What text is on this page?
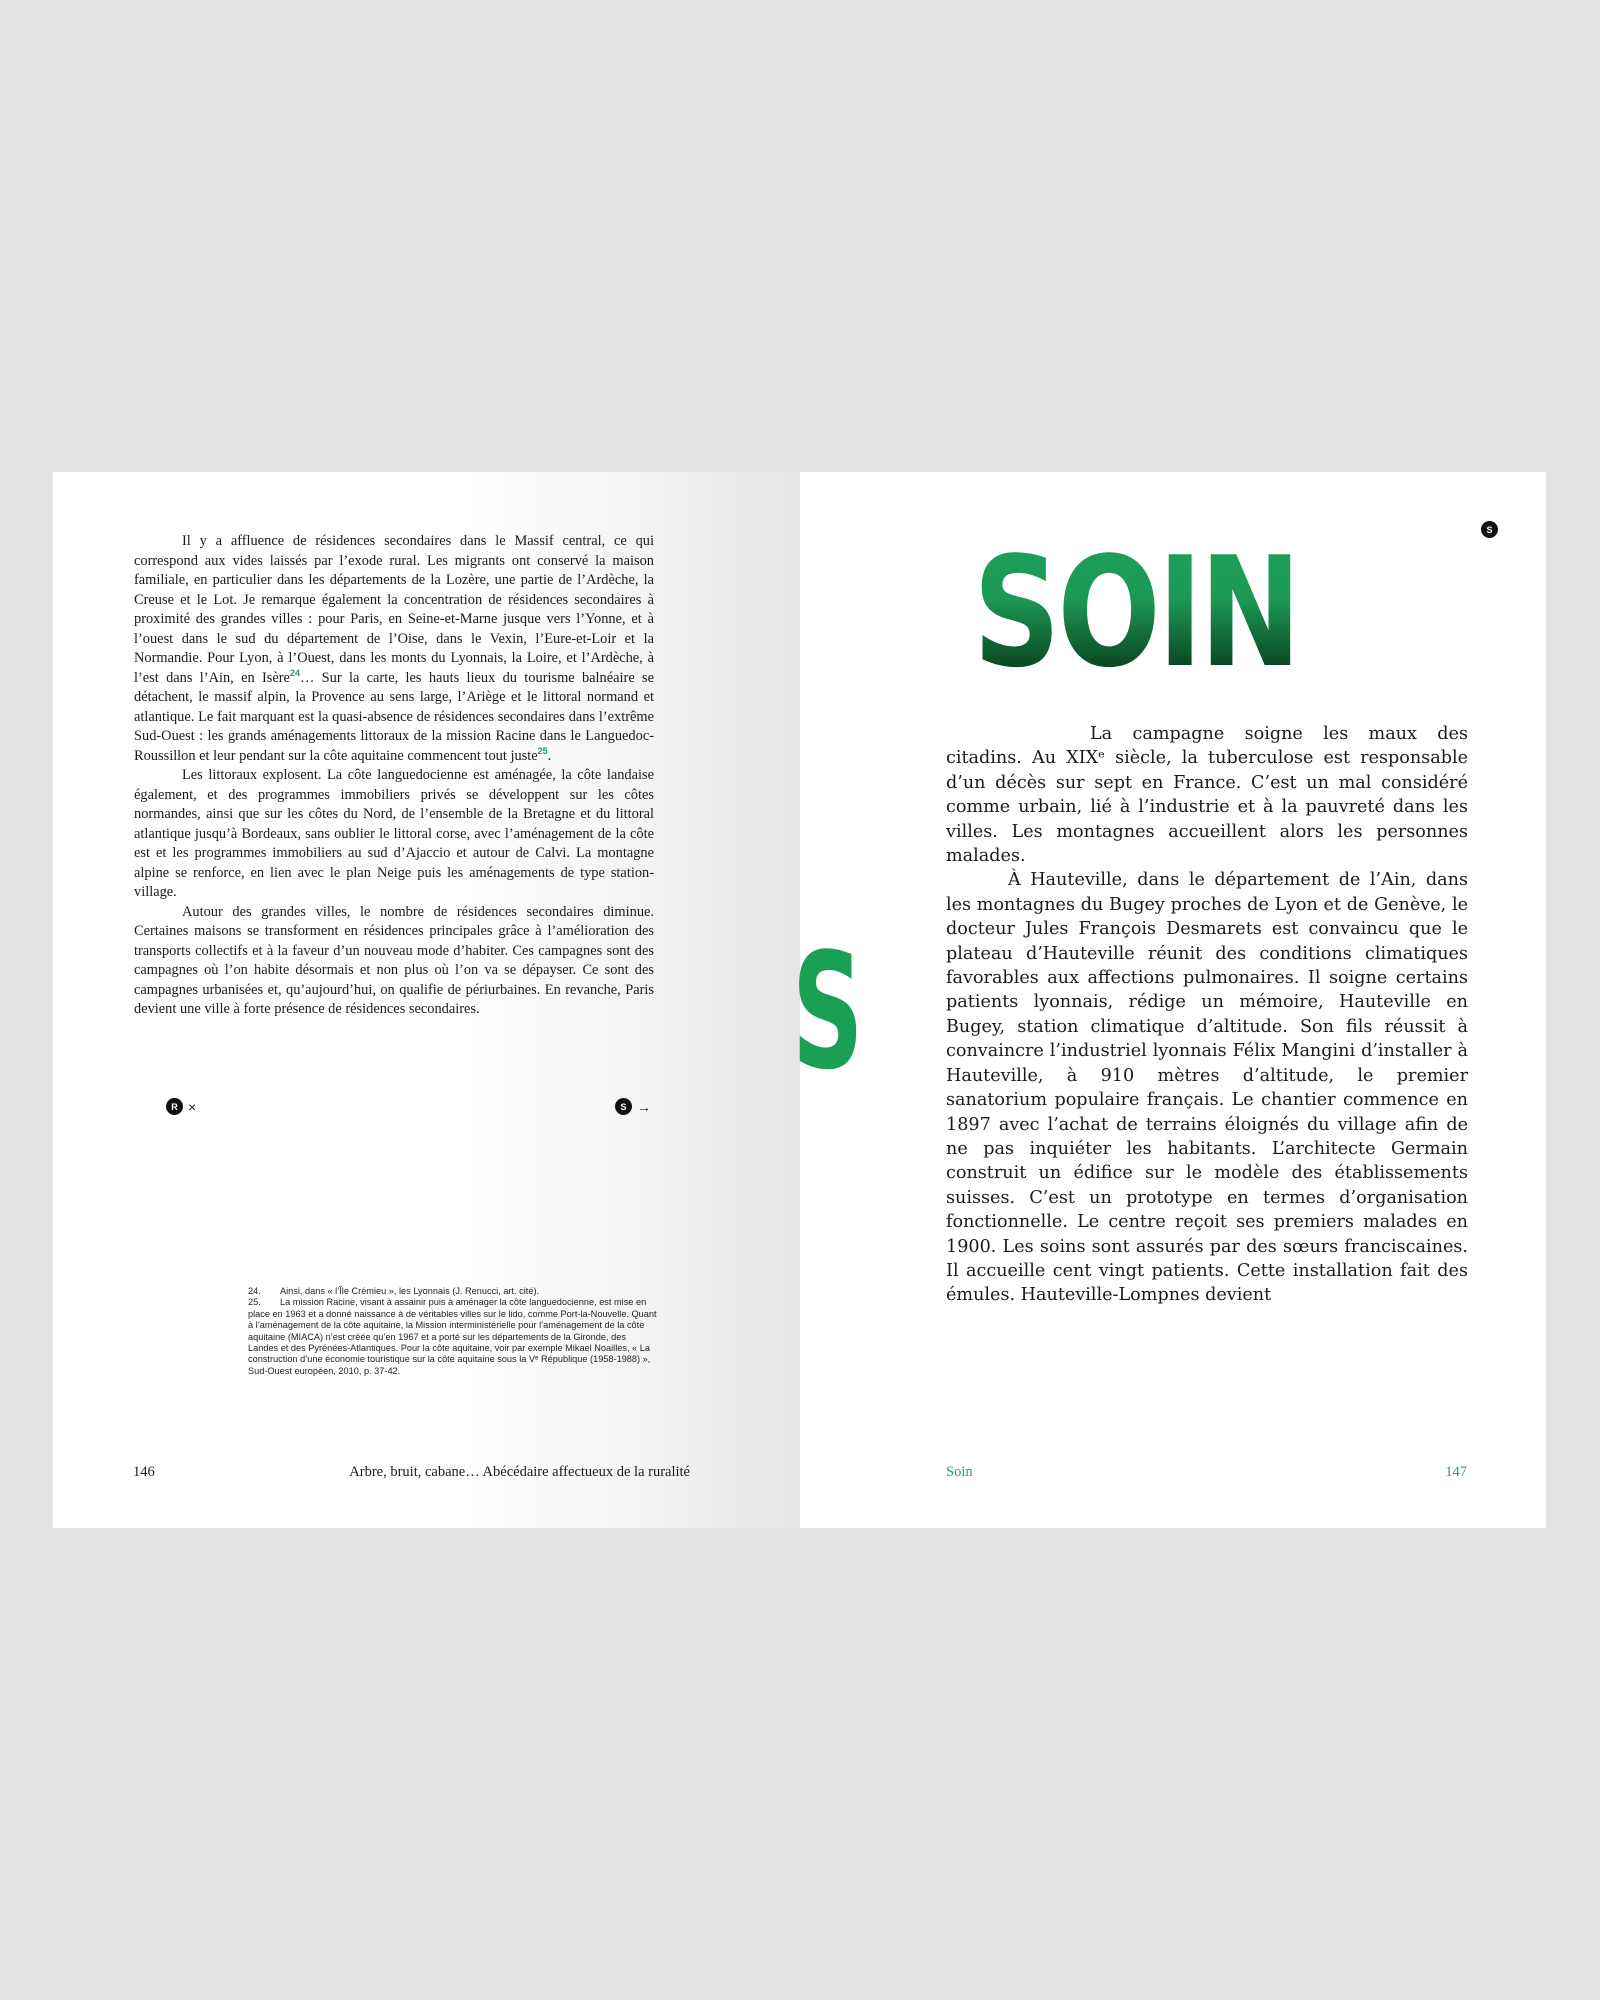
Il y a affluence de résidences secondaires dans le Massif central, ce qui correspond aux vides laissés par l’exode rural. Les migrants ont conservé la maison familiale, en particulier dans les départements de la Lozère, une partie de l’Ardèche, la Creuse et le Lot. Je remarque également la concentration de résidences secondaires à proximité des grandes villes : pour Paris, en Seine-et-Marne jusque vers l’Yonne, et à l’ouest dans le sud du département de l’Oise, dans le Vexin, l’Eure-et-Loir et la Normandie. Pour Lyon, à l’Ouest, dans les monts du Lyonnais, la Loire, et l’Ardèche, à l’est dans l’Ain, en Isère$^{24}$… Sur la carte, les hauts lieux du tourisme balnéaire se détachent, le massif alpin, la Provence au sens large, l’Ariège et le littoral normand et atlantique. Le fait marquant est la quasi-absence de résidences secondaires dans l’extrême Sud-Ouest : les grands aménagements littoraux de la mission Racine dans le Languedoc-Roussillon et leur pendant sur la côte aquitaine commencent tout juste$^{25}$.

Les littoraux explosent. La côte languedocienne est aménagée, la côte landaise également, et des programmes immobiliers privés se développent sur les côtes normandes, ainsi que sur les côtes du Nord, de l’ensemble de la Bretagne et du littoral atlantique jusqu’à Bordeaux, sans oublier le littoral corse, avec l’aménagement de la côte est et les programmes immobiliers au sud d’Ajaccio et autour de Calvi. La montagne alpine se renforce, en lien avec le plan Neige puis les aménagements de type station-village.

Autour des grandes villes, le nombre de résidences secondaires diminue. Certaines maisons se transforment en résidences principales grâce à l’amélioration des transports collectifs et à la faveur d’un nouveau mode d’habiter. Ces campagnes sont des campagnes où l’on habite désormais et non plus où l’on va se dépayser. Ce sont des campagnes urbanisées et, qu’aujourd’hui, on qualifie de périurbaines. En revanche, Paris devient une ville à forte présence de résidences secondaires.

R ×	S →

24. Ainsi, dans « l’Île Crémieu », les Lyonnais (J. Renucci, art. cité).

25. La mission Racine, visant à assainir puis à aménager la côte languedocienne, est mise en place en 1963 et a donné naissance à de véritables villes sur le lido, comme Port-la-Nouvelle. Quant à l’aménagement de la côte aquitaine, la Mission interministérielle pour l’aménagement de la côte aquitaine (MIACA) n’est créée qu’en 1967 et a porté sur les départements de la Gironde, des Landes et des Pyrénées-Atlantiques. Pour la côte aquitaine, voir par exemple Mikael Noailles, « La construction d’une économie touristique sur la côte aquitaine sous la Vᵉ République (1958-1988) », Sud-Ouest européen, 2010, p. 37-42.

146	Arbre, bruit, cabane… Abécédaire affectueux de la ruralité
S
SOIN
S

La campagne soigne les maux des citadins. Au XIXᵉ siècle, la tuberculose est responsable d’un décès sur sept en France. C’est un mal considéré comme urbain, lié à l’industrie et à la pauvreté dans les villes. Les montagnes accueillent alors les personnes malades.

À Hauteville, dans le département de l’Ain, dans les montagnes du Bugey proches de Lyon et de Genève, le docteur Jules François Desmarets est convaincu que le plateau d’Hauteville réunit des conditions climatiques favorables aux affections pulmonaires. Il soigne certains patients lyonnais, rédige un mémoire, Hauteville en Bugey, station climatique d’altitude. Son fils réussit à convaincre l’industriel lyonnais Félix Mangini d’installer à Hauteville, à 910 mètres d’altitude, le premier sanatorium populaire français. Le chantier commence en 1897 avec l’achat de terrains éloignés du village afin de ne pas inquiéter les habitants. L’architecte Germain construit un édifice sur le modèle des établissements suisses. C’est un prototype en termes d’organisation fonctionnelle. Le centre reçoit ses premiers malades en 1900. Les soins sont assurés par des sœurs franciscaines. Il accueille cent vingt patients. Cette installation fait des émules. Hauteville-Lompnes devient

Soin	147
